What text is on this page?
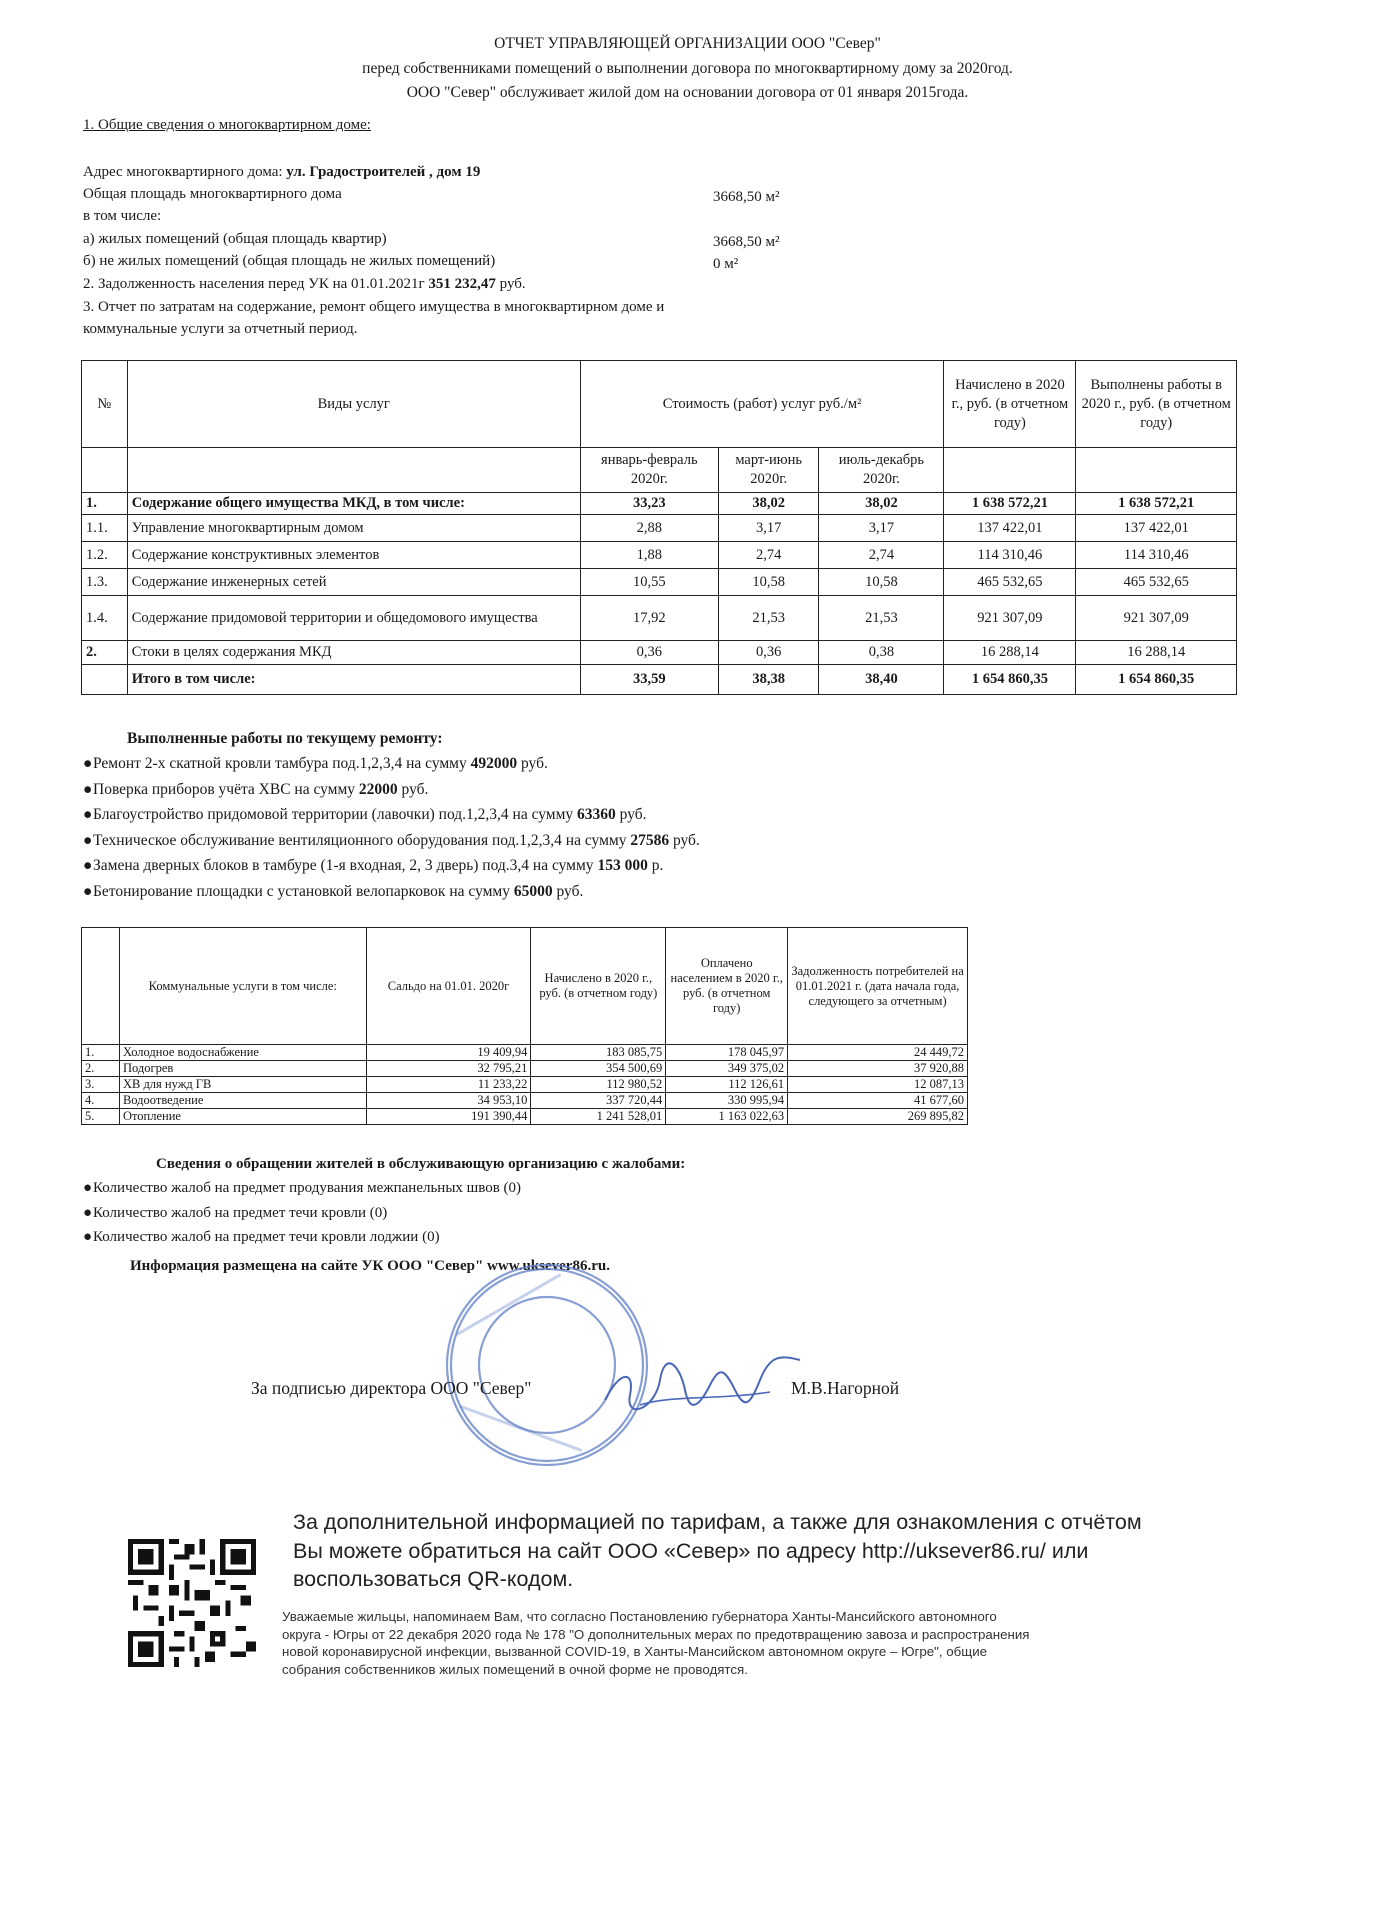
ОТЧЕТ УПРАВЛЯЮЩЕЙ ОРГАНИЗАЦИИ ООО "Север"
перед собственниками помещений о выполнении договора по многоквартирному дому за 2020год.
ООО "Север" обслуживает жилой дом на основании договора от 01 января 2015года.
1. Общие сведения о многоквартирном доме:
Адрес многоквартирного дома: ул. Градостроителей , дом 19
Общая площадь многоквартирного дома	3668,50 м²
в том числе:
а) жилых помещений (общая площадь квартир)	3668,50 м²
б) не жилых помещений (общая площадь не жилых помещений)	0 м²
2. Задолженность населения перед УК на 01.01.2021г 351 232,47 руб.
3. Отчет по затратам на содержание, ремонт общего имущества в многоквартирном доме и
коммунальные услуги за отчетный период.
№	Виды услуг	Стоимость (работ) услуг руб./м²			Начислено в 2020 г., руб. (в отчетном году)	Выполнены работы в 2020 г., руб. (в отчетном году)
		январь-февраль 2020г.	март-июнь 2020г.	июль-декабрь 2020г.		
1.	Содержание общего имущества МКД, в том числе:	33,23	38,02	38,02	1 638 572,21	1 638 572,21
1.1.	Управление многоквартирным домом	2,88	3,17	3,17	137 422,01	137 422,01
1.2.	Содержание конструктивных элементов	1,88	2,74	2,74	114 310,46	114 310,46
1.3.	Содержание инженерных сетей	10,55	10,58	10,58	465 532,65	465 532,65
1.4.	Содержание придомовой территории и общедомового имущества	17,92	21,53	21,53	921 307,09	921 307,09
2.	Стоки в целях содержания МКД	0,36	0,36	0,38	16 288,14	16 288,14
	Итого в том числе:	33,59	38,38	38,40	1 654 860,35	1 654 860,35
Выполненные работы по текущему ремонту:
●Ремонт 2-х скатной кровли тамбура под.1,2,3,4 на сумму 492000 руб.
●Поверка приборов учёта ХВС на сумму 22000 руб.
●Благоустройство придомовой территории (лавочки) под.1,2,3,4 на сумму 63360 руб.
●Техническое обслуживание вентиляционного оборудования под.1,2,3,4 на сумму 27586 руб.
●Замена дверных блоков в тамбуре (1-я входная, 2, 3 дверь) под.3,4 на сумму 153 000 р.
●Бетонирование площадки с установкой велопарковок на сумму 65000 руб.
	Коммунальные услуги в том числе:	Сальдо на 01.01. 2020г	Начислено в 2020 г., руб. (в отчетном году)	Оплачено населением в 2020 г., руб. (в отчетном году)	Задолженность потребителей на 01.01.2021 г. (дата начала года, следующего за отчетным)
1.	Холодное водоснабжение	19 409,94	183 085,75	178 045,97	24 449,72
2.	Подогрев	32 795,21	354 500,69	349 375,02	37 920,88
3.	ХВ для нужд ГВ	11 233,22	112 980,52	112 126,61	12 087,13
4.	Водоотведение	34 953,10	337 720,44	330 995,94	41 677,60
5.	Отопление	191 390,44	1 241 528,01	1 163 022,63	269 895,82
Сведения о обращении жителей в обслуживающую организацию с жалобами:
●Количество жалоб на предмет продувания межпанельных швов (0)
●Количество жалоб на предмет течи кровли (0)
●Количество жалоб на предмет течи кровли лоджии (0)
Информация размещена на сайте УК ООО "Север" www.uksever86.ru.
За подписью директора ООО "Север"	М.В.Нагорной
За дополнительной информацией по тарифам, а также для ознакомления с отчётом
Вы можете обратиться на сайт ООО «Север» по адресу http://uksever86.ru/ или
воспользоваться QR-кодом.
Уважаемые жильцы, напоминаем Вам, что согласно Постановлению губернатора Ханты-Мансийского автономного
округа - Югры от 22 декабря 2020 года № 178 "О дополнительных мерах по предотвращению завоза и распространения
новой коронавирусной инфекции, вызванной COVID-19, в Ханты-Мансийском автономном округе – Югре", общие
собрания собственников жилых помещений в очной форме не проводятся.
